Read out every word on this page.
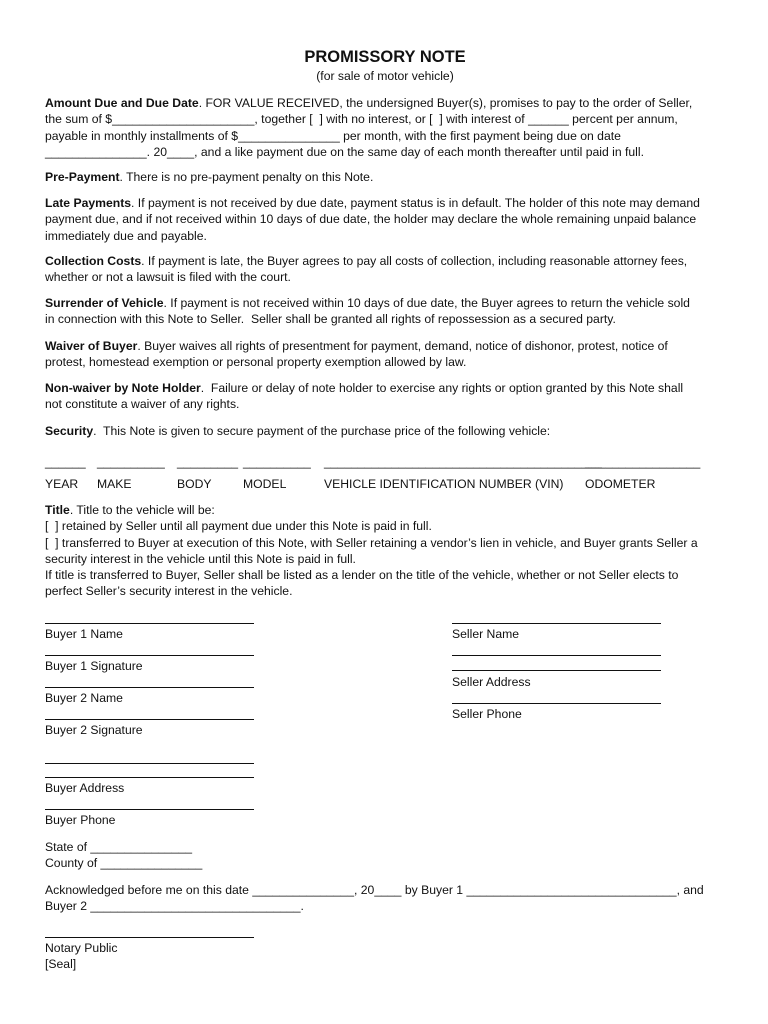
PROMISSORY NOTE
(for sale of motor vehicle)
Amount Due and Due Date. FOR VALUE RECEIVED, the undersigned Buyer(s), promises to pay to the order of Seller,
the sum of $_____________________, together [  ] with no interest, or [  ] with interest of ______ percent per annum,
payable in monthly installments of $_______________ per month, with the first payment being due on date
_______________. 20____, and a like payment due on the same day of each month thereafter until paid in full.
Pre-Payment. There is no pre-payment penalty on this Note.
Late Payments. If payment is not received by due date, payment status is in default. The holder of this note may demand
payment due, and if not received within 10 days of due date, the holder may declare the whole remaining unpaid balance
immediately due and payable.
Collection Costs. If payment is late, the Buyer agrees to pay all costs of collection, including reasonable attorney fees,
whether or not a lawsuit is filed with the court.
Surrender of Vehicle. If payment is not received within 10 days of due date, the Buyer agrees to return the vehicle sold
in connection with this Note to Seller.  Seller shall be granted all rights of repossession as a secured party.
Waiver of Buyer. Buyer waives all rights of presentment for payment, demand, notice of dishonor, protest, notice of
protest, homestead exemption or personal property exemption allowed by law.
Non-waiver by Note Holder.  Failure or delay of note holder to exercise any rights or option granted by this Note shall
not constitute a waiver of any rights.
Security.  This Note is given to secure payment of the purchase price of the following vehicle:
______ __________ _________ __________ _________________________________________
_________________
YEAR MAKE	BODY	MODEL	VEHICLE IDENTIFICATION NUMBER (VIN) ODOMETER
Title. Title to the vehicle will be:
[  ] retained by Seller until all payment due under this Note is paid in full.
[  ] transferred to Buyer at execution of this Note, with Seller retaining a vendor’s lien in vehicle, and Buyer grants Seller a
security interest in the vehicle until this Note is paid in full.
If title is transferred to Buyer, Seller shall be listed as a lender on the title of the vehicle, whether or not Seller elects to
perfect Seller’s security interest in the vehicle.
Buyer 1 Name
Buyer 1 Signature
Buyer 2 Name
Buyer 2 Signature
Buyer Address
Buyer Phone
Seller Name
Seller Address
Seller Phone
State of _______________
County of _______________
Acknowledged before me on this date _______________, 20____ by Buyer 1 _______________________________, and
Buyer 2 _______________________________.
Notary Public
[Seal]
